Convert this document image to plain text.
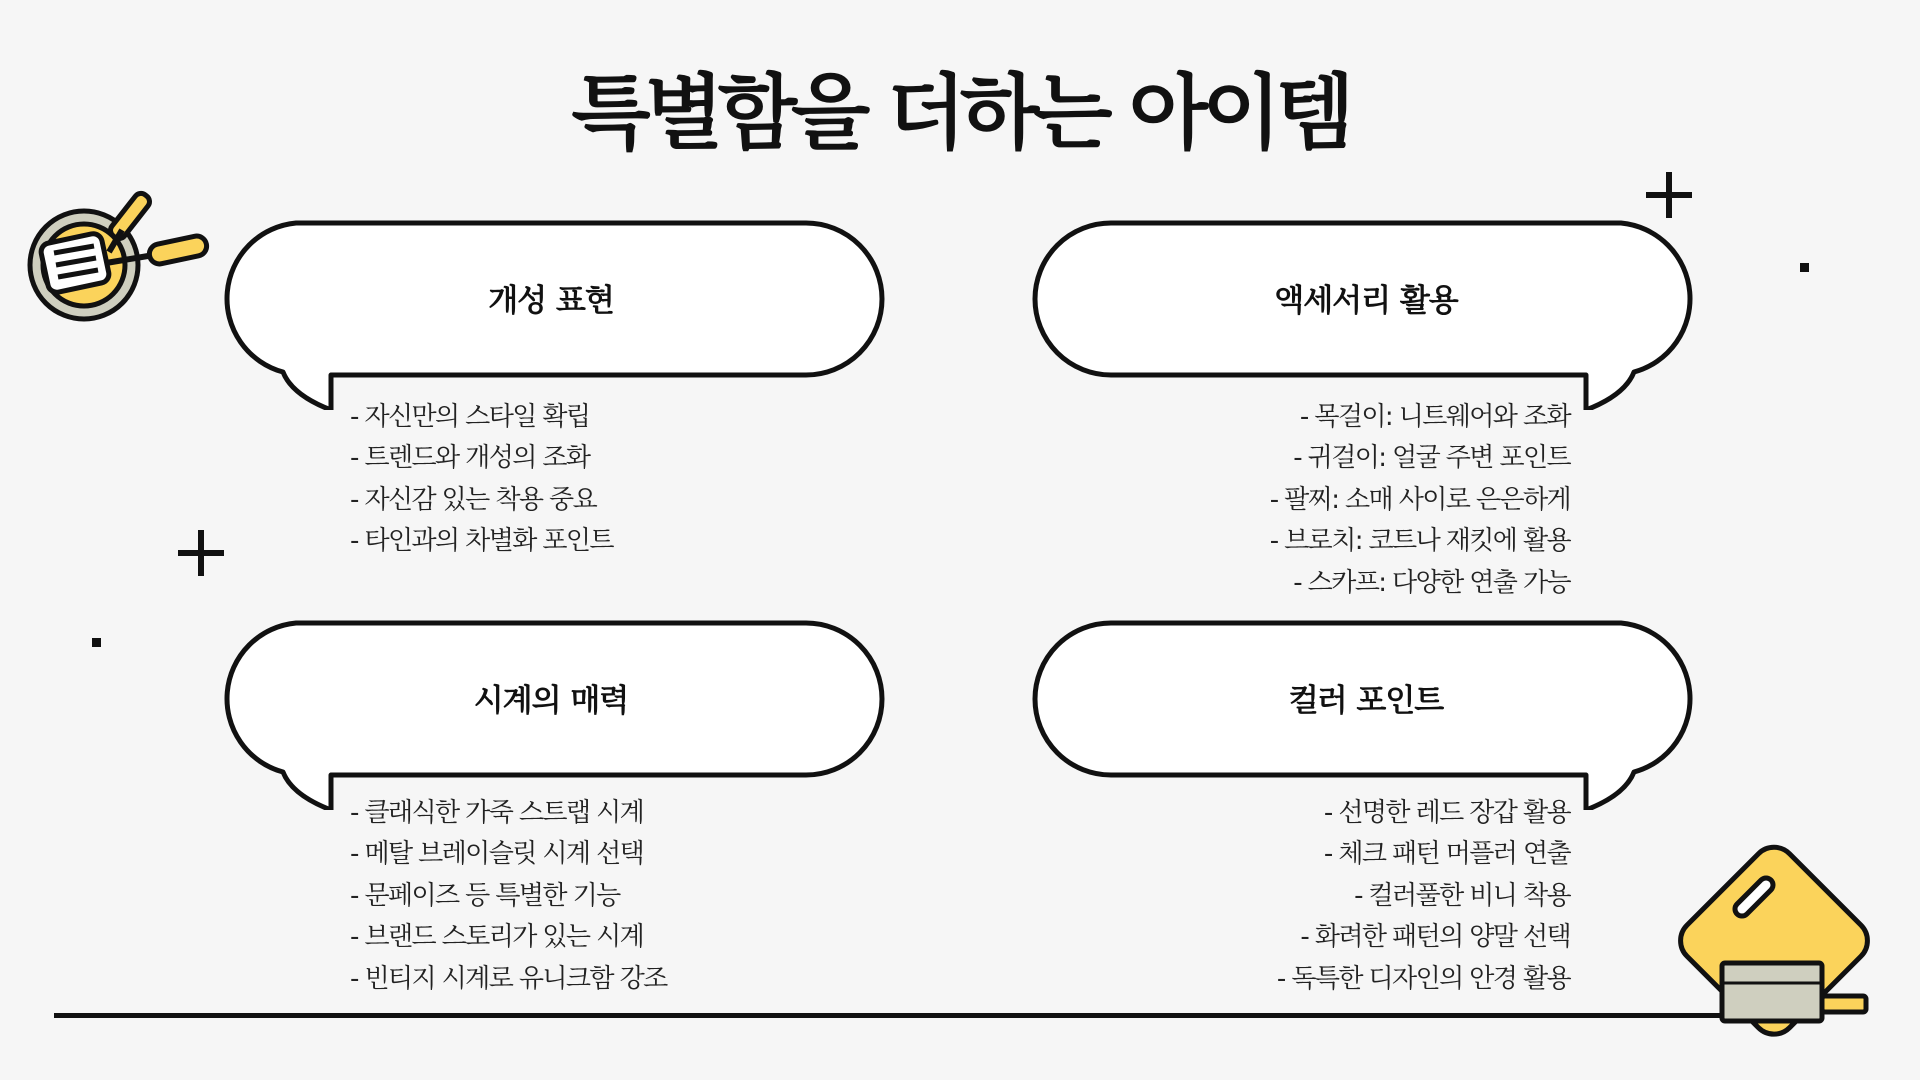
특별함을 더하는 아이템
개성 표현
- 자신만의 스타일 확립
- 트렌드와 개성의 조화
- 자신감 있는 착용 중요
- 타인과의 차별화 포인트
액세서리 활용
- 목걸이: 니트웨어와 조화
- 귀걸이: 얼굴 주변 포인트
- 팔찌: 소매 사이로 은은하게
- 브로치: 코트나 재킷에 활용
- 스카프: 다양한 연출 가능
시계의 매력
- 클래식한 가죽 스트랩 시계
- 메탈 브레이슬릿 시계 선택
- 문페이즈 등 특별한 기능
- 브랜드 스토리가 있는 시계
- 빈티지 시계로 유니크함 강조
컬러 포인트
- 선명한 레드 장갑 활용
- 체크 패턴 머플러 연출
- 컬러풀한 비니 착용
- 화려한 패턴의 양말 선택
- 독특한 디자인의 안경 활용
